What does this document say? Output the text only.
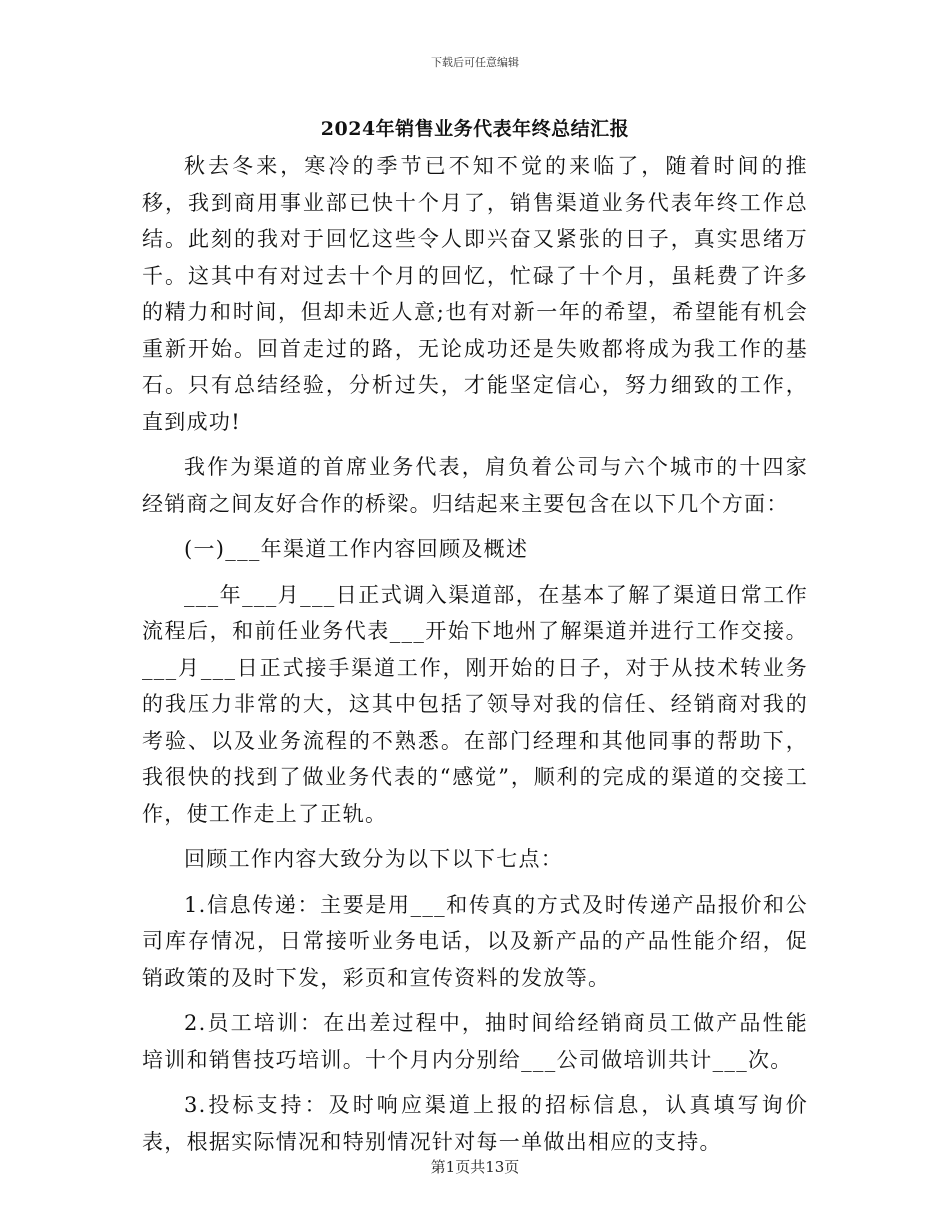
下载后可任意编辑
2024年销售业务代表年终总结汇报

秋去冬来，寒冷的季节已不知不觉的来临了，随着时间的推移，我到商用事业部已快十个月了，销售渠道业务代表年终工作总结。此刻的我对于回忆这些令人即兴奋又紧张的日子，真实思绪万千。这其中有对过去十个月的回忆，忙碌了十个月，虽耗费了许多的精力和时间，但却未近人意;也有对新一年的希望，希望能有机会重新开始。回首走过的路，无论成功还是失败都将成为我工作的基石。只有总结经验，分析过失，才能坚定信心，努力细致的工作，直到成功!

我作为渠道的首席业务代表，肩负着公司与六个城市的十四家经销商之间友好合作的桥梁。归结起来主要包含在以下几个方面：

(一)___年渠道工作内容回顾及概述

___年___月___日正式调入渠道部，在基本了解了渠道日常工作流程后，和前任业务代表___开始下地州了解渠道并进行工作交接。___月___日正式接手渠道工作，刚开始的日子，对于从技术转业务的我压力非常的大，这其中包括了领导对我的信任、经销商对我的考验、以及业务流程的不熟悉。在部门经理和其他同事的帮助下，我很快的找到了做业务代表的“感觉”，顺利的完成的渠道的交接工作，使工作走上了正轨。

回顾工作内容大致分为以下以下七点：

1.信息传递：主要是用___和传真的方式及时传递产品报价和公司库存情况，日常接听业务电话，以及新产品的产品性能介绍，促销政策的及时下发，彩页和宣传资料的发放等。

2.员工培训：在出差过程中，抽时间给经销商员工做产品性能培训和销售技巧培训。十个月内分别给___公司做培训共计___次。

3.投标支持：及时响应渠道上报的招标信息，认真填写询价表，根据实际情况和特别情况针对每一单做出相应的支持。

第1页共13页
